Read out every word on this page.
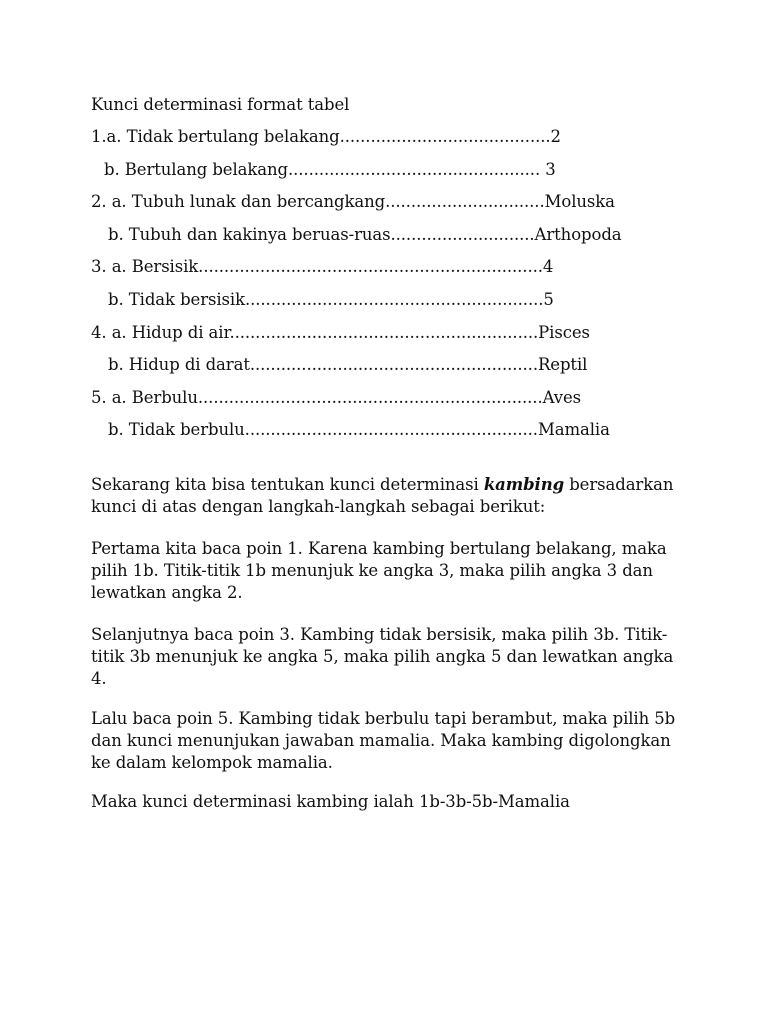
Kunci determinasi format tabel
1.a. Tidak bertulang belakang.........................................2
b. Bertulang belakang................................................. 3
2. a. Tubuh lunak dan bercangkang...............................Moluska
b. Tubuh dan kakinya beruas-ruas............................Arthopoda
3. a. Bersisik...................................................................4
b. Tidak bersisik..........................................................5
4. a. Hidup di air............................................................Pisces
b. Hidup di darat........................................................Reptil
5. a. Berbulu...................................................................Aves
b. Tidak berbulu.........................................................Mamalia
Sekarang kita bisa tentukan kunci determinasi kambing bersadarkan
kunci di atas dengan langkah-langkah sebagai berikut:
Pertama kita baca poin 1. Karena kambing bertulang belakang, maka
pilih 1b. Titik-titik 1b menunjuk ke angka 3, maka pilih angka 3 dan
lewatkan angka 2.
Selanjutnya baca poin 3. Kambing tidak bersisik, maka pilih 3b. Titik-
titik 3b menunjuk ke angka 5, maka pilih angka 5 dan lewatkan angka
4.
Lalu baca poin 5. Kambing tidak berbulu tapi berambut, maka pilih 5b
dan kunci menunjukan jawaban mamalia. Maka kambing digolongkan
ke dalam kelompok mamalia.
Maka kunci determinasi kambing ialah 1b-3b-5b-Mamalia
